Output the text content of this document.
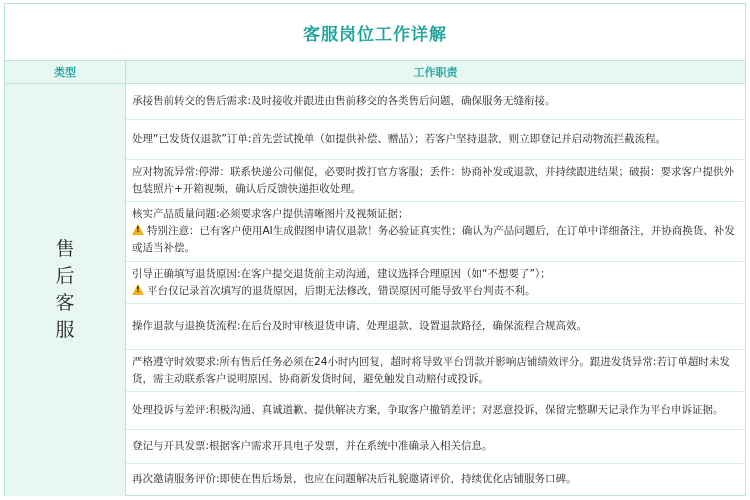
客服岗位工作详解
类型	工作职责
售后客服
承接售前转交的售后需求:及时接收并跟进由售前移交的各类售后问题，确保服务无缝衔接。
处理“已发货仅退款”订单:首先尝试挽单（如提供补偿、赠品）；若客户坚持退款，则立即登记并启动物流拦截流程。
应对物流异常:停滞：联系快递公司催促，必要时拨打官方客服；丢件：协商补发或退款，并持续跟进结果；破损：要求客户提供外包装照片+开箱视频，确认后反馈快递拒收处理。
核实产品质量问题:必须要求客户提供清晰图片及视频证据；
!特别注意：已有客户使用AI生成假图申请仅退款！务必验证真实性；确认为产品问题后，在订单中详细备注，并协商换货、补发或适当补偿。
引导正确填写退货原因:在客户提交退货前主动沟通，建议选择合理原因（如“不想要了”）；
!平台仅记录首次填写的退货原因，后期无法修改，错误原因可能导致平台判责不利。
操作退款与退换货流程:在后台及时审核退货申请、处理退款、设置退款路径，确保流程合规高效。
严格遵守时效要求:所有售后任务必须在24小时内回复，超时将导致平台罚款并影响店铺绩效评分。跟进发货异常:若订单超时未发货，需主动联系客户说明原因、协商新发货时间，避免触发自动赔付或投诉。
处理投诉与差评:积极沟通、真诚道歉、提供解决方案，争取客户撤销差评；对恶意投诉，保留完整聊天记录作为平台申诉证据。
登记与开具发票:根据客户需求开具电子发票，并在系统中准确录入相关信息。
再次邀请服务评价:即使在售后场景，也应在问题解决后礼貌邀请评价，持续优化店铺服务口碑。
